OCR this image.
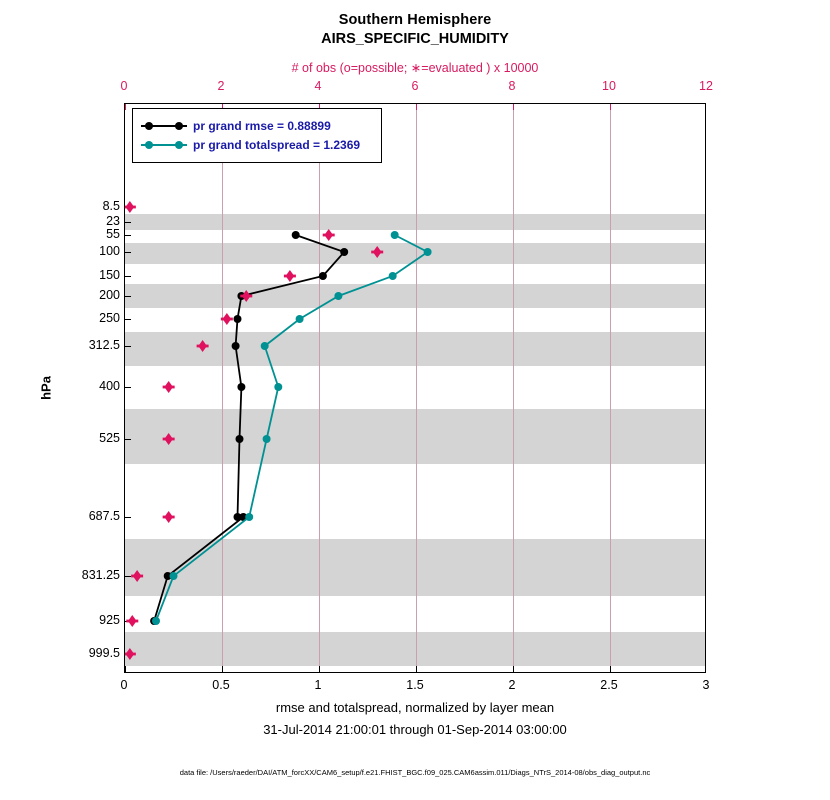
Southern Hemisphere
AIRS_SPECIFIC_HUMIDITY
# of obs (o=possible; ∗=evaluated ) x 10000
0	2	4	6	8	10	12
8.5
23
55
100
150
200
250
312.5
400
525
687.5
831.25
925
999.5
hPa
0	0.5	1	1.5	2	2.5	3
rmse and totalspread, normalized by layer mean
31-Jul-2014 21:00:01 through 01-Sep-2014 03:00:00
pr grand rmse = 0.88899
pr grand totalspread = 1.2369
data file: /Users/raeder/DAI/ATM_forcXX/CAM6_setup/f.e21.FHIST_BGC.f09_025.CAM6assim.011/Diags_NTrS_2014-08/obs_diag_output.nc
